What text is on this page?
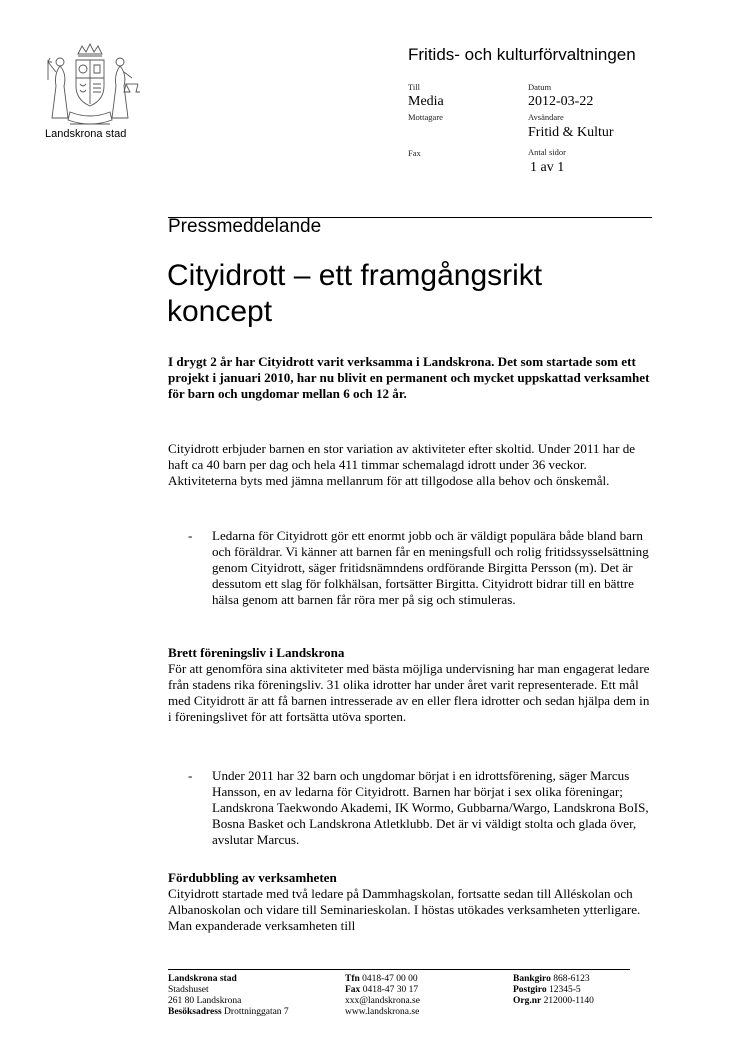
Landskrona stad
Fritids- och kulturförvaltningen
Till
Media
Mottagare
Fax
Datum
2012-03-22
Avsändare
Fritid & Kultur
Antal sidor
1 av 1
Pressmeddelande
Cityidrott – ett framgångsrikt koncept
I drygt 2 år har Cityidrott varit verksamma i Landskrona. Det som startade som ett projekt i januari 2010, har nu blivit en permanent och mycket uppskattad verksamhet för barn och ungdomar mellan 6 och 12 år.
Cityidrott erbjuder barnen en stor variation av aktiviteter efter skoltid. Under 2011 har de haft ca 40 barn per dag och hela 411 timmar schemalagd idrott under 36 veckor. Aktiviteterna byts med jämna mellanrum för att tillgodose alla behov och önskemål.
- Ledarna för Cityidrott gör ett enormt jobb och är väldigt populära både bland barn och föräldrar. Vi känner att barnen får en meningsfull och rolig fritidssysselsättning genom Cityidrott, säger fritidsnämndens ordförande Birgitta Persson (m). Det är dessutom ett slag för folkhälsan, fortsätter Birgitta. Cityidrott bidrar till en bättre hälsa genom att barnen får röra mer på sig och stimuleras.
Brett föreningsliv i Landskrona
För att genomföra sina aktiviteter med bästa möjliga undervisning har man engagerat ledare från stadens rika föreningsliv. 31 olika idrotter har under året varit representerade. Ett mål med Cityidrott är att få barnen intresserade av en eller flera idrotter och sedan hjälpa dem in i föreningslivet för att fortsätta utöva sporten.
- Under 2011 har 32 barn och ungdomar börjat i en idrottsförening, säger Marcus Hansson, en av ledarna för Cityidrott. Barnen har börjat i sex olika föreningar; Landskrona Taekwondo Akademi, IK Wormo, Gubbarna/Wargo, Landskrona BoIS, Bosna Basket och Landskrona Atletklubb. Det är vi väldigt stolta och glada över, avslutar Marcus.
Fördubbling av verksamheten
Cityidrott startade med två ledare på Dammhagskolan, fortsatte sedan till Alléskolan och Albanoskolan och vidare till Seminarieskolan. I höstas utökades verksamheten ytterligare. Man expanderade verksamheten till
Landskrona stad
Stadshuset
261 80 Landskrona
Besöksadress Drottninggatan 7
Tfn 0418-47 00 00
Fax 0418-47 30 17
xxx@landskrona.se
www.landskrona.se
Bankgiro 868-6123
Postgiro 12345-5
Org.nr 212000-1140
